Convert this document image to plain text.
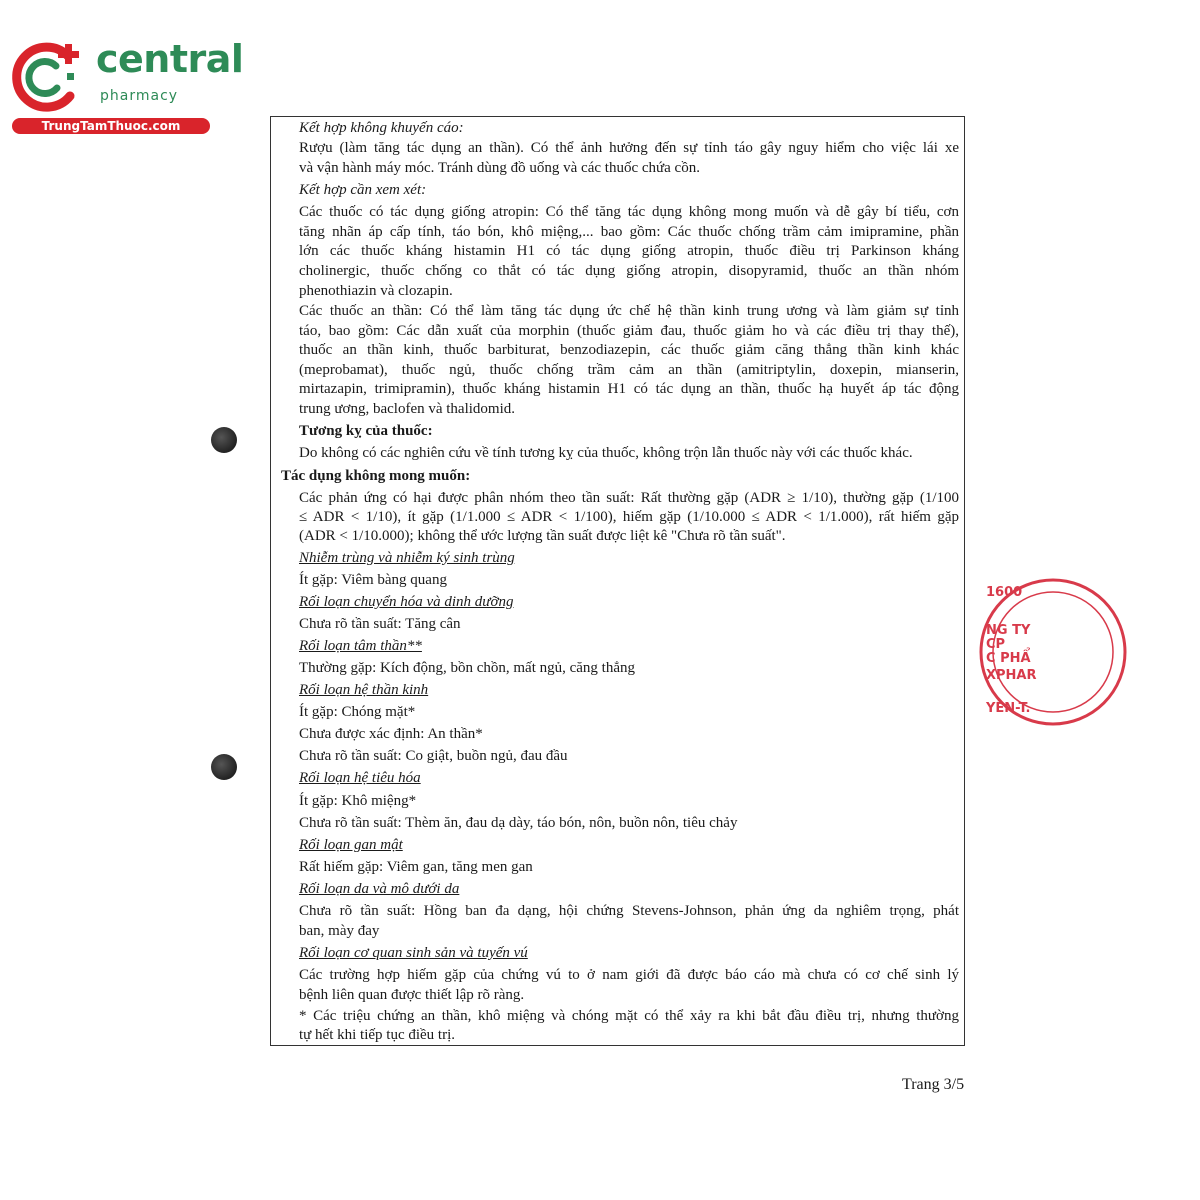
central
pharmacy
TrungTamThuoc.com	Kết hợp không khuyến cáo:
Rượu (làm tăng tác dụng an thần). Có thể ảnh hưởng đến sự tỉnh táo gây nguy hiểm cho việc lái xe
và vận hành máy móc. Tránh dùng đồ uống và các thuốc chứa cồn.
Kết hợp cần xem xét:
Các thuốc có tác dụng giống atropin: Có thể tăng tác dụng không mong muốn và dễ gây bí tiểu, cơn
tăng nhãn áp cấp tính, táo bón, khô miệng,... bao gồm: Các thuốc chống trầm cảm imipramine, phần
lớn các thuốc kháng histamin H1 có tác dụng giống atropin, thuốc điều trị Parkinson kháng
cholinergic, thuốc chống co thắt có tác dụng giống atropin, disopyramid, thuốc an thần nhóm
phenothiazin và clozapin.
Các thuốc an thần: Có thể làm tăng tác dụng ức chế hệ thần kinh trung ương và làm giảm sự tỉnh
táo, bao gồm: Các dẫn xuất của morphin (thuốc giảm đau, thuốc giảm ho và các điều trị thay thế),
thuốc an thần kinh, thuốc barbiturat, benzodiazepin, các thuốc giảm căng thẳng thần kinh khác
(meprobamat), thuốc ngủ, thuốc chống trầm cảm an thần (amitriptylin, doxepin, mianserin,
mirtazapin, trimipramin), thuốc kháng histamin H1 có tác dụng an thần, thuốc hạ huyết áp tác động
trung ương, baclofen và thalidomid.
Tương kỵ của thuốc:
Do không có các nghiên cứu về tính tương kỵ của thuốc, không trộn lẫn thuốc này với các thuốc khác.
Tác dụng không mong muốn:
Các phản ứng có hại được phân nhóm theo tần suất: Rất thường gặp (ADR ≥ 1/10), thường gặp (1/100
≤ ADR < 1/10), ít gặp (1/1.000 ≤ ADR < 1/100), hiếm gặp (1/10.000 ≤ ADR < 1/1.000), rất hiếm gặp
(ADR < 1/10.000); không thể ước lượng tần suất được liệt kê "Chưa rõ tần suất".
Nhiễm trùng và nhiễm ký sinh trùng
Ít gặp: Viêm bàng quang
Rối loạn chuyển hóa và dinh dưỡng
Chưa rõ tần suất: Tăng cân
Rối loạn tâm thần**
Thường gặp: Kích động, bồn chồn, mất ngủ, căng thẳng
Rối loạn hệ thần kinh
Ít gặp: Chóng mặt*
Chưa được xác định: An thần*
Chưa rõ tần suất: Co giật, buồn ngủ, đau đầu
Rối loạn hệ tiêu hóa
Ít gặp: Khô miệng*
Chưa rõ tần suất: Thèm ăn, đau dạ dày, táo bón, nôn, buồn nôn, tiêu chảy
Rối loạn gan mật
Rất hiếm gặp: Viêm gan, tăng men gan
Rối loạn da và mô dưới da
Chưa rõ tần suất: Hồng ban đa dạng, hội chứng Stevens-Johnson, phản ứng da nghiêm trọng, phát
ban, mày đay
Rối loạn cơ quan sinh sản và tuyến vú
Các trường hợp hiếm gặp của chứng vú to ở nam giới đã được báo cáo mà chưa có cơ chế sinh lý
bệnh liên quan được thiết lập rõ ràng.
* Các triệu chứng an thần, khô miệng và chóng mặt có thể xảy ra khi bắt đầu điều trị, nhưng thường
tự hết khi tiếp tục điều trị.
1600
NG TY
CP
C PHẨ
XPHAR
YÊN-T.
Trang 3/5
